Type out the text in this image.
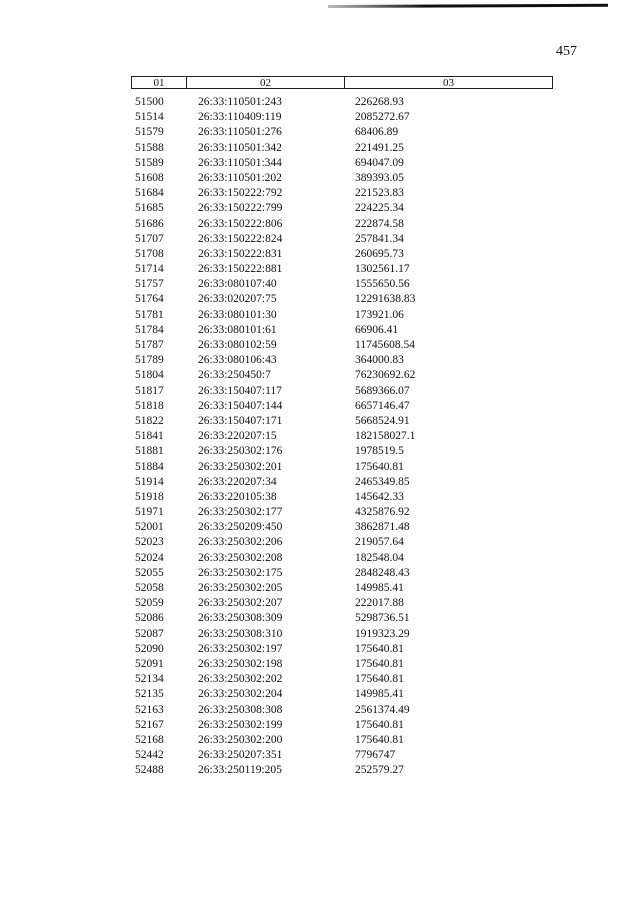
457
01	02	03
51500	26:33:110501:243	226268.93
51514	26:33:110409:119	2085272.67
51579	26:33:110501:276	68406.89
51588	26:33:110501:342	221491.25
51589	26:33:110501:344	694047.09
51608	26:33:110501:202	389393.05
51684	26:33:150222:792	221523.83
51685	26:33:150222:799	224225.34
51686	26:33:150222:806	222874.58
51707	26:33:150222:824	257841.34
51708	26:33:150222:831	260695.73
51714	26:33:150222:881	1302561.17
51757	26:33:080107:40	1555650.56
51764	26:33:020207:75	12291638.83
51781	26:33:080101:30	173921.06
51784	26:33:080101:61	66906.41
51787	26:33:080102:59	11745608.54
51789	26:33:080106:43	364000.83
51804	26:33:250450:7	76230692.62
51817	26:33:150407:117	5689366.07
51818	26:33:150407:144	6657146.47
51822	26:33:150407:171	5668524.91
51841	26:33:220207:15	182158027.1
51881	26:33:250302:176	1978519.5
51884	26:33:250302:201	175640.81
51914	26:33:220207:34	2465349.85
51918	26:33:220105:38	145642.33
51971	26:33:250302:177	4325876.92
52001	26:33:250209:450	3862871.48
52023	26:33:250302:206	219057.64
52024	26:33:250302:208	182548.04
52055	26:33:250302:175	2848248.43
52058	26:33:250302:205	149985.41
52059	26:33:250302:207	222017.88
52086	26:33:250308:309	5298736.51
52087	26:33:250308:310	1919323.29
52090	26:33:250302:197	175640.81
52091	26:33:250302:198	175640.81
52134	26:33:250302:202	175640.81
52135	26:33:250302:204	149985.41
52163	26:33:250308:308	2561374.49
52167	26:33:250302:199	175640.81
52168	26:33:250302:200	175640.81
52442	26:33:250207:351	7796747
52488	26:33:250119:205	252579.27
